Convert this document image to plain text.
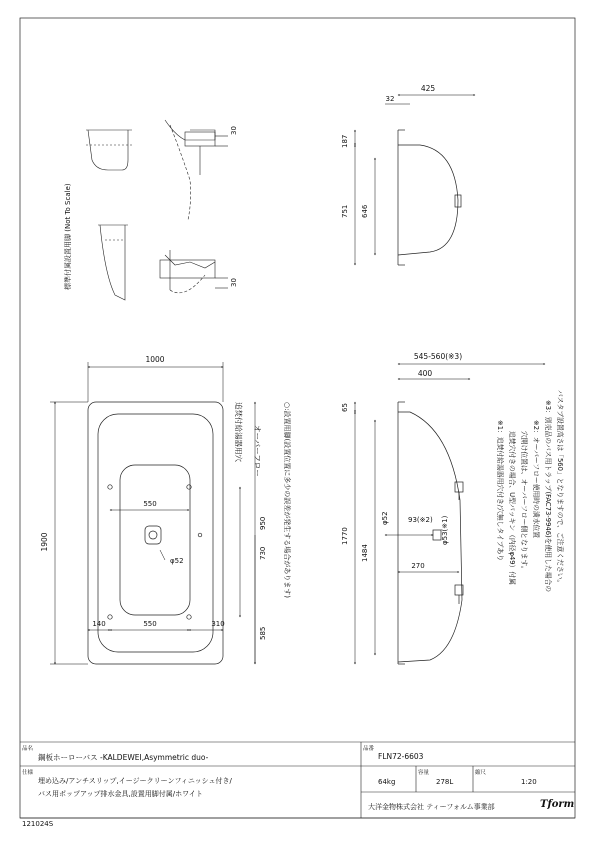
標準付属設置用脚 (Not To Scale)
30
30
425
32
187
751 646
1000
1900
550
550
140	310
φ52
950
730
585
追焚付給湯器用穴 オーバーフロー	○:設置用脚(設置位置に多少の誤差が発生する場合があります)
545-560(※3)
400
65
1770
1484
φ52	93(※2) φ53(※1)
270
※1：追焚付給湯器用穴付き/穴無しタイプあり 追焚穴付きの場合、U型パッキン（内径φ49）付属 穴開け位置は、オーバーフロー側となります。 ※2：オーバーフロー使用時の満水位置 ※3：別売品のバス用トラップ(FAC73-9946)を使用した場合の バスタブ設置高さは「560」となりますので、ご注意ください。
品名
鋼板ホーローバス -KALDEWEI,Asymmetric duo-
品番
FLN72-6603
仕様
埋め込み/アンチスリップ,イージークリーンフィニッシュ付き/
バス用ポップアップ排水金具,設置用脚付属/ホワイト
64kg
容量
278L
縮尺
1:20
大洋金物株式会社 ティーフォルム事業部	Tform
121024S
